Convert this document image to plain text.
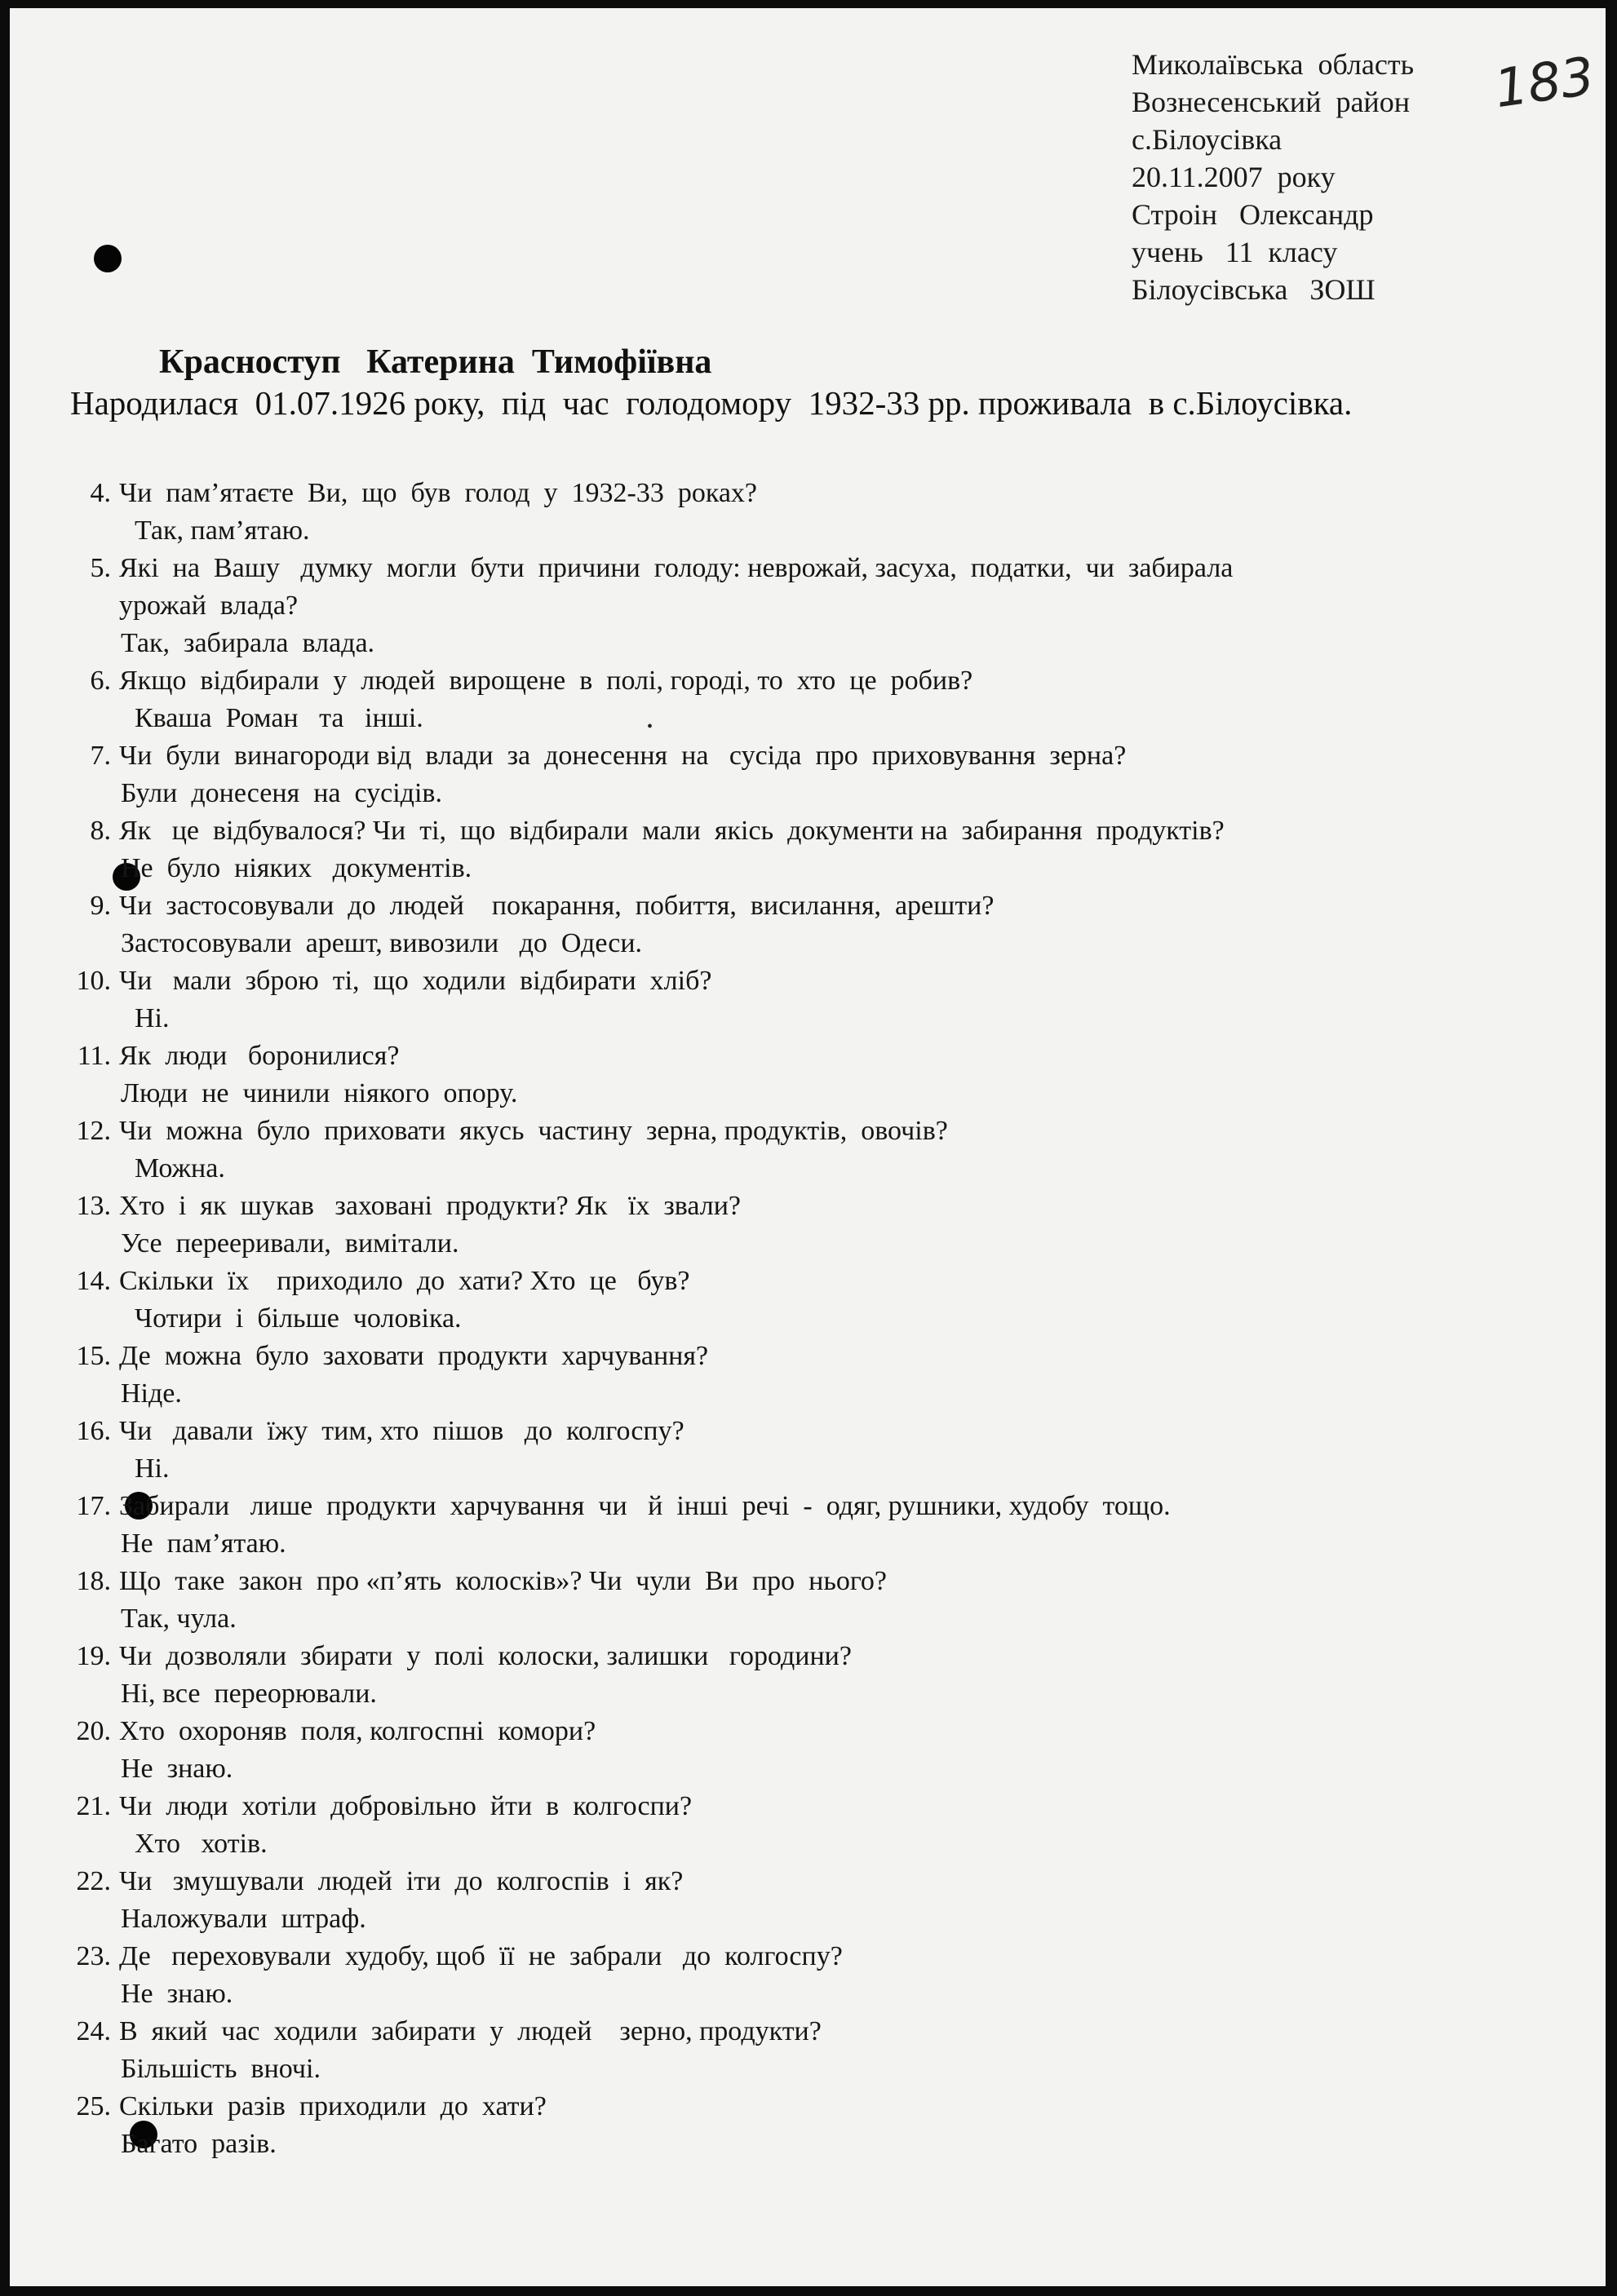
Миколаївська  область
Вознесенський  район
с.Білоусівка
20.11.2007  року
Строін   Олександр
учень   11  класу
Білоусівська   ЗОШ
183
Красноступ   Катерина  Тимофіївна
Народилася  01.07.1926 року,  під  час  голодомору  1932-33 рр. проживала  в с.Білоусівка.
•
4. Чи  пам’ятаєте  Ви,  що  був  голод  у  1932-33  роках?
Так, пам’ятаю.
5. Які  на  Вашу   думку  могли  бути  причини  голоду: неврожай, засуха,  податки,  чи  забирала
урожай  влада?
Так,  забирала  влада.
6. Якщо  відбирали  у  людей  вирощене  в  полі, городі, то  хто  це  робив?
Кваша  Роман   та   інші.
7. Чи  були  винагороди від  влади  за  донесення  на   сусіда  про  приховування  зерна?
Були  донесеня  на  сусідів.
8. Як   це  відбувалося? Чи  ті,  що  відбирали  мали  якісь  документи на  забирання  продуктів?
Не  було  ніяких   документів.
9. Чи  застосовували  до  людей    покарання,  побиття,  висилання,  арешти?
Застосовували  арешт, вивозили   до  Одеси.
10. Чи   мали  зброю  ті,  що  ходили  відбирати  хліб?
Ні.
11. Як  люди   боронилися?
Люди  не  чинили  ніякого  опору.
12. Чи  можна  було  приховати  якусь  частину  зерна, продуктів,  овочів?
Можна.
13. Хто  і  як  шукав   заховані  продукти? Як   їх  звали?
Усе  перееривали,  вимітали.
14. Скільки  їх    приходило  до  хати? Хто  це   був?
Чотири  і  більше  чоловіка.
15. Де  можна  було  заховати  продукти  харчування?
Ніде.
16. Чи   давали  їжу  тим, хто  пішов   до  колгоспу?
Ні.
17. Забирали   лише  продукти  харчування  чи   й  інші  речі  -  одяг, рушники, худобу  тощо.
Не  пам’ятаю.
18. Що  таке  закон  про «п’ять  колосків»? Чи  чули  Ви  про  нього?
Так, чула.
19. Чи  дозволяли  збирати  у  полі  колоски, залишки   городини?
Ні, все  переорювали.
20. Хто  охороняв  поля, колгоспні  комори?
Не  знаю.
21. Чи  люди  хотіли  добровільно  йти  в  колгоспи?
Хто   хотів.
22. Чи   змушували  людей  іти  до  колгоспів  і  як?
Наложували  штраф.
23. Де   переховували  худобу, щоб  її  не  забрали   до  колгоспу?
Не  знаю.
24. В  який  час  ходили  забирати  у  людей    зерно, продукти?
Більшість  вночі.
25. Скільки  разів  приходили  до  хати?
Багато  разів.
